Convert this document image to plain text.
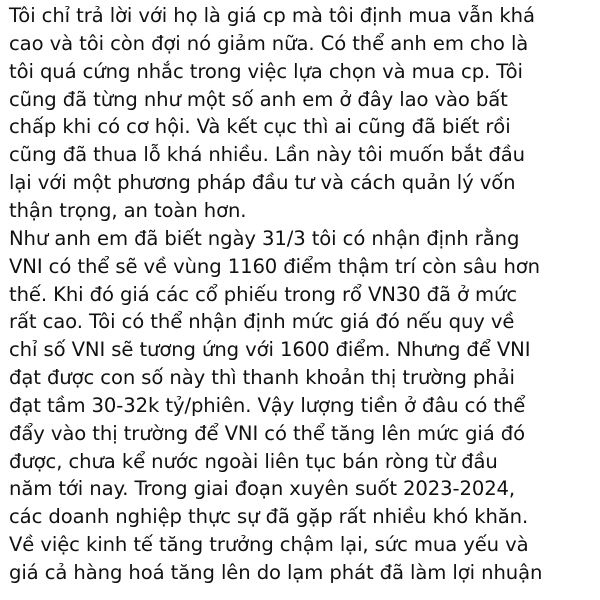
Tôi chỉ trả lời với họ là giá cp mà tôi định mua vẫn khá
cao và tôi còn đợi nó giảm nữa. Có thể anh em cho là
tôi quá cứng nhắc trong việc lựa chọn và mua cp. Tôi
cũng đã từng như một số anh em ở đây lao vào bất
chấp khi có cơ hội. Và kết cục thì ai cũng đã biết rồi
cũng đã thua lỗ khá nhiều. Lần này tôi muốn bắt đầu
lại với một phương pháp đầu tư và cách quản lý vốn
thận trọng, an toàn hơn.
Như anh em đã biết ngày 31/3 tôi có nhận định rằng
VNI có thể sẽ về vùng 1160 điểm thậm trí còn sâu hơn
thế. Khi đó giá các cổ phiếu trong rổ VN30 đã ở mức
rất cao. Tôi có thể nhận định mức giá đó nếu quy về
chỉ số VNI sẽ tương ứng với 1600 điểm. Nhưng để VNI
đạt được con số này thì thanh khoản thị trường phải
đạt tầm 30-32k tỷ/phiên. Vậy lượng tiền ở đâu có thể
đẩy vào thị trường để VNI có thể tăng lên mức giá đó
được, chưa kể nước ngoài liên tục bán ròng từ đầu
năm tới nay. Trong giai đoạn xuyên suốt 2023-2024,
các doanh nghiệp thực sự đã gặp rất nhiều khó khăn.
Về việc kinh tế tăng trưởng chậm lại, sức mua yếu và
giá cả hàng hoá tăng lên do lạm phát đã làm lợi nhuận
